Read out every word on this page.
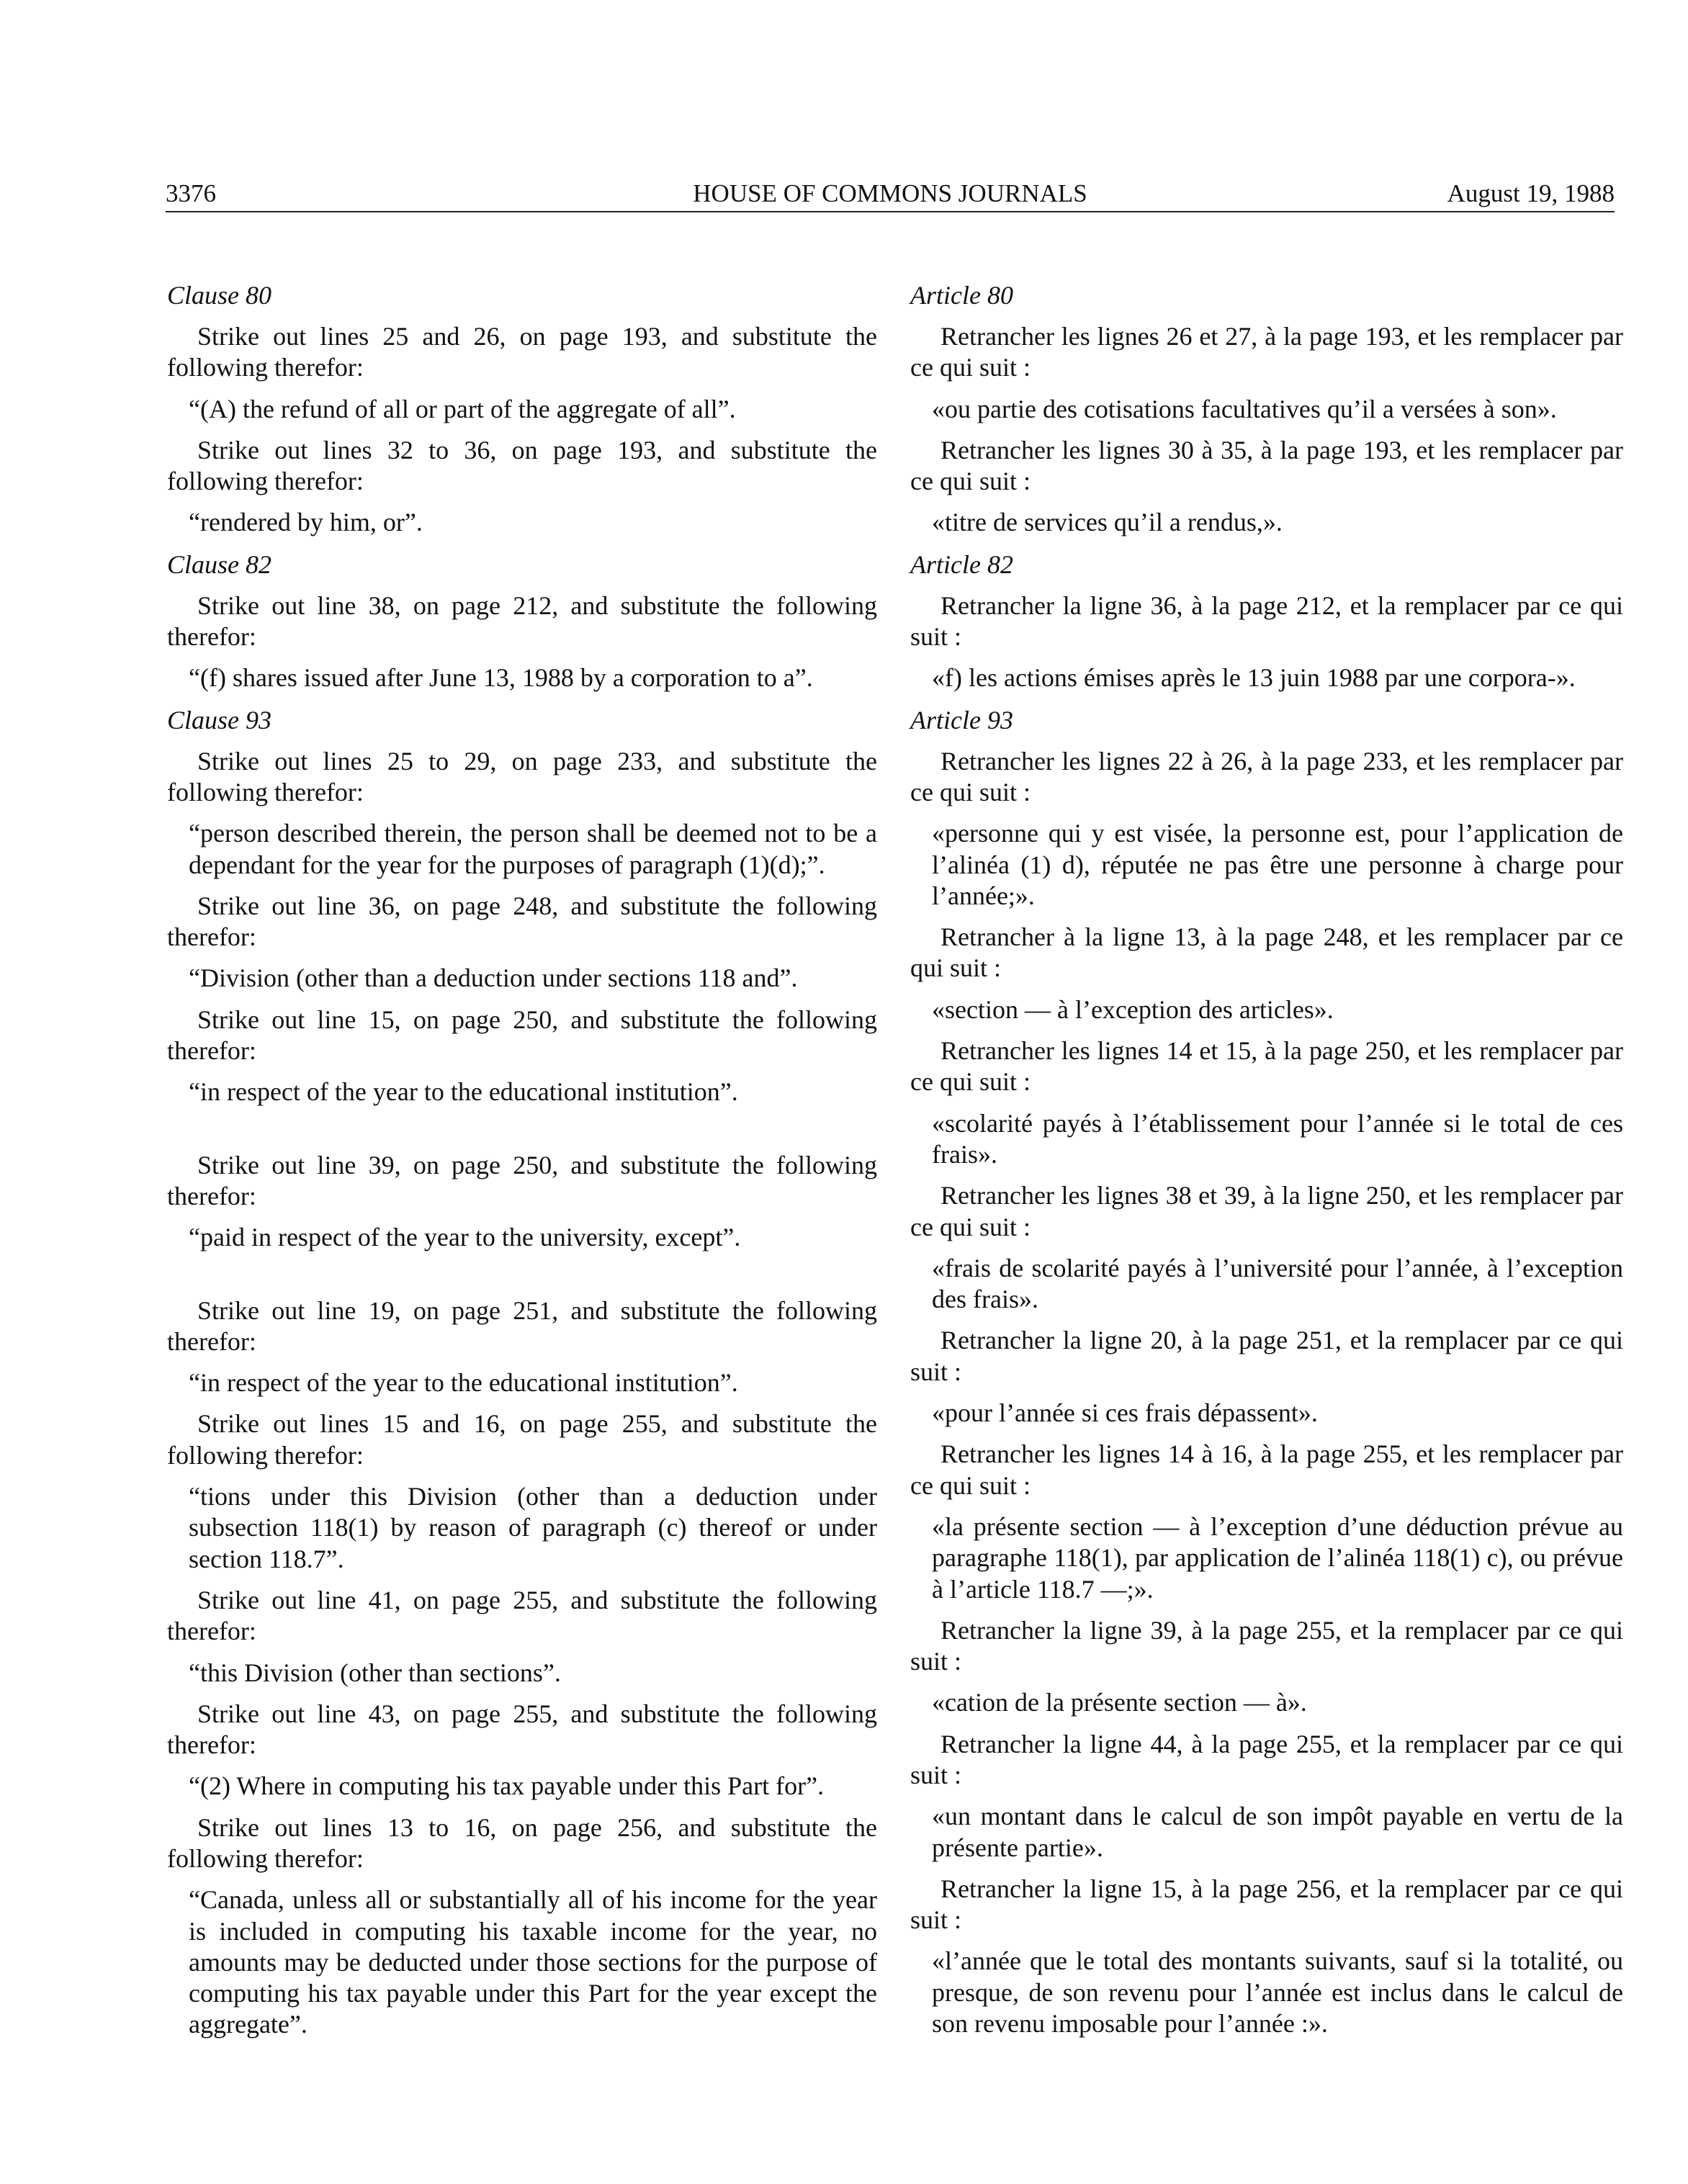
3376	HOUSE OF COMMONS JOURNALS	August 19, 1988
Clause 80
Strike out lines 25 and 26, on page 193, and substitute the following therefor:
“(A) the refund of all or part of the aggregate of all”.
Strike out lines 32 to 36, on page 193, and substitute the following therefor:
“rendered by him, or”.
Clause 82
Strike out line 38, on page 212, and substitute the following therefor:
“(f) shares issued after June 13, 1988 by a corporation to a”.
Clause 93
Strike out lines 25 to 29, on page 233, and substitute the following therefor:
“person described therein, the person shall be deemed not to be a dependant for the year for the purposes of paragraph (1)(d);”.
Strike out line 36, on page 248, and substitute the following therefor:
“Division (other than a deduction under sections 118 and”.
Strike out line 15, on page 250, and substitute the following therefor:
“in respect of the year to the educational institution”.
Strike out line 39, on page 250, and substitute the following therefor:
“paid in respect of the year to the university, except”.
Strike out line 19, on page 251, and substitute the following therefor:
“in respect of the year to the educational institution”.
Strike out lines 15 and 16, on page 255, and substitute the following therefor:
“tions under this Division (other than a deduction under subsection 118(1) by reason of paragraph (c) thereof or under section 118.7”.
Strike out line 41, on page 255, and substitute the following therefor:
“this Division (other than sections”.
Strike out line 43, on page 255, and substitute the following therefor:
“(2) Where in computing his tax payable under this Part for”.
Strike out lines 13 to 16, on page 256, and substitute the following therefor:
“Canada, unless all or substantially all of his income for the year is included in computing his taxable income for the year, no amounts may be deducted under those sections for the purpose of computing his tax payable under this Part for the year except the aggregate”.
Article 80
Retrancher les lignes 26 et 27, à la page 193, et les remplacer par ce qui suit :
«ou partie des cotisations facultatives qu’il a versées à son».
Retrancher les lignes 30 à 35, à la page 193, et les remplacer par ce qui suit :
«titre de services qu’il a rendus,».
Article 82
Retrancher la ligne 36, à la page 212, et la remplacer par ce qui suit :
«f) les actions émises après le 13 juin 1988 par une corpora-».
Article 93
Retrancher les lignes 22 à 26, à la page 233, et les remplacer par ce qui suit :
«personne qui y est visée, la personne est, pour l’application de l’alinéa (1) d), réputée ne pas être une personne à charge pour l’année;».
Retrancher à la ligne 13, à la page 248, et les remplacer par ce qui suit :
«section — à l’exception des articles».
Retrancher les lignes 14 et 15, à la page 250, et les remplacer par ce qui suit :
«scolarité payés à l’établissement pour l’année si le total de ces frais».
Retrancher les lignes 38 et 39, à la ligne 250, et les remplacer par ce qui suit :
«frais de scolarité payés à l’université pour l’année, à l’exception des frais».
Retrancher la ligne 20, à la page 251, et la remplacer par ce qui suit :
«pour l’année si ces frais dépassent».
Retrancher les lignes 14 à 16, à la page 255, et les remplacer par ce qui suit :
«la présente section — à l’exception d’une déduction prévue au paragraphe 118(1), par application de l’alinéa 118(1) c), ou prévue à l’article 118.7 —;».
Retrancher la ligne 39, à la page 255, et la remplacer par ce qui suit :
«cation de la présente section — à».
Retrancher la ligne 44, à la page 255, et la remplacer par ce qui suit :
«un montant dans le calcul de son impôt payable en vertu de la présente partie».
Retrancher la ligne 15, à la page 256, et la remplacer par ce qui suit :
«l’année que le total des montants suivants, sauf si la totalité, ou presque, de son revenu pour l’année est inclus dans le calcul de son revenu imposable pour l’année :».
